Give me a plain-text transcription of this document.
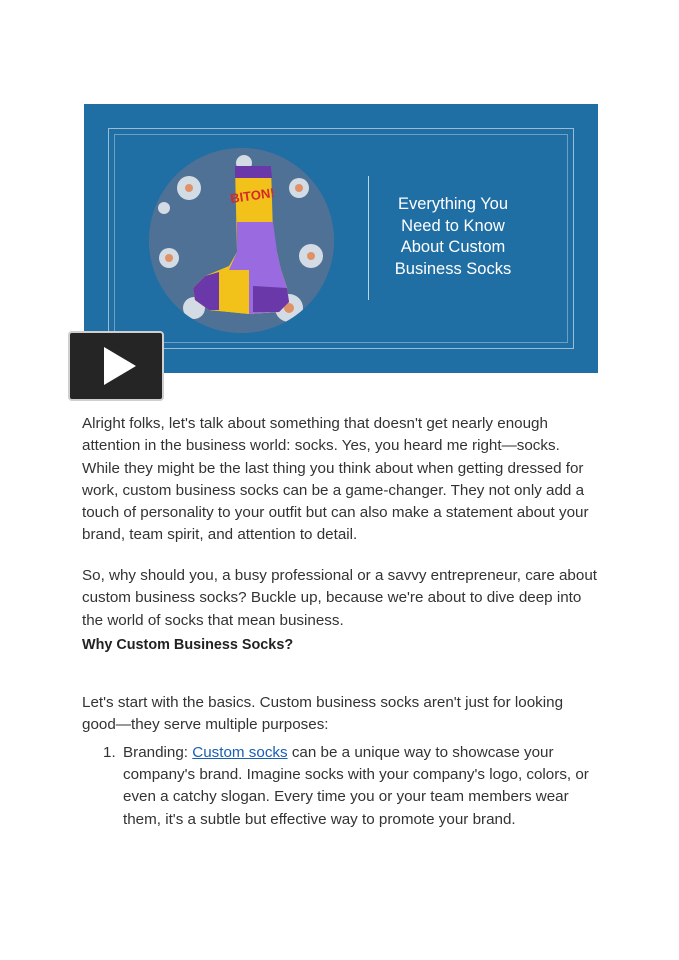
BITON!	Everything You Need to Know About Custom Business Socks

Alright folks, let's talk about something that doesn't get nearly enough attention in the business world: socks. Yes, you heard me right—socks. While they might be the last thing you think about when getting dressed for work, custom business socks can be a game-changer. They not only add a touch of personality to your outfit but can also make a statement about your brand, team spirit, and attention to detail.

So, why should you, a busy professional or a savvy entrepreneur, care about custom business socks? Buckle up, because we're about to dive deep into the world of socks that mean business.

Why Custom Business Socks?

Let's start with the basics. Custom business socks aren't just for looking good—they serve multiple purposes:

1. Branding: Custom socks can be a unique way to showcase your company's brand. Imagine socks with your company's logo, colors, or even a catchy slogan. Every time you or your team members wear them, it's a subtle but effective way to promote your brand.
